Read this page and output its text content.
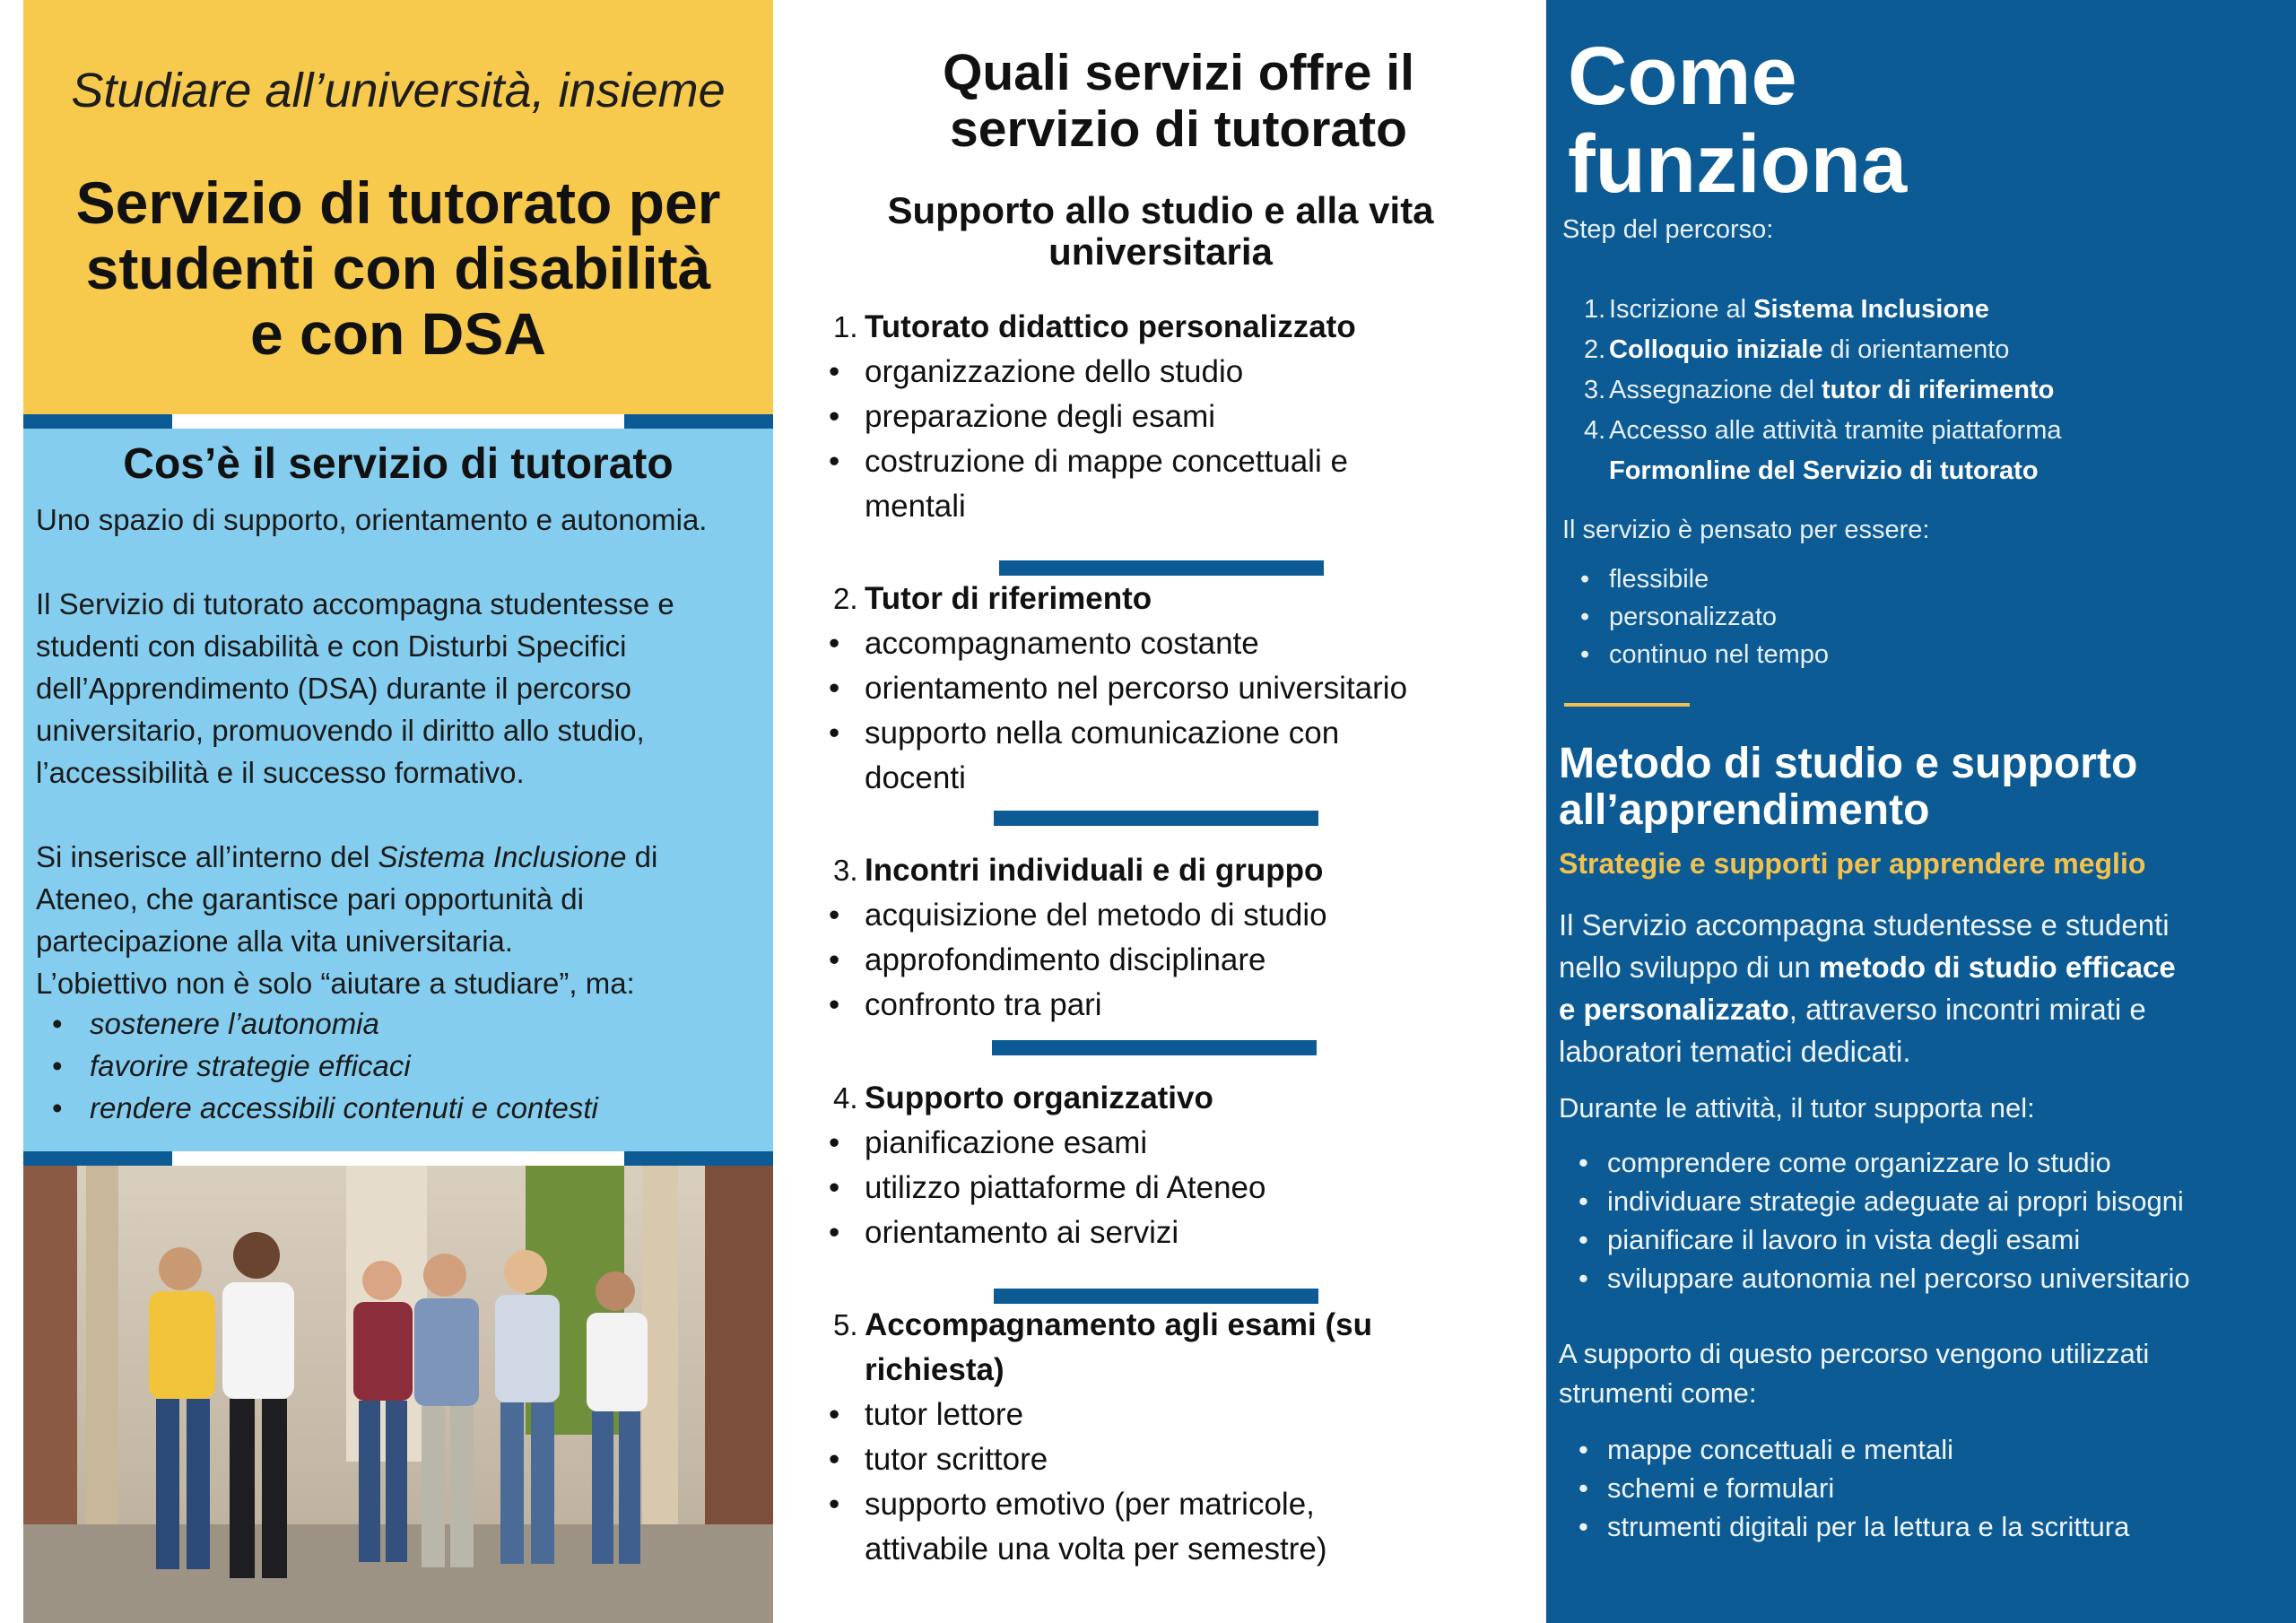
Studiare all’università, insieme
Servizio di tutorato per
studenti con disabilità
e con DSA
Cos’è il servizio di tutorato
Uno spazio di supporto, orientamento e autonomia.
Il Servizio di tutorato accompagna studentesse e
studenti con disabilità e con Disturbi Specifici
dell’Apprendimento (DSA) durante il percorso
universitario, promuovendo il diritto allo studio,
l’accessibilità e il successo formativo.
Si inserisce all’interno del Sistema Inclusione di
Ateneo, che garantisce pari opportunità di
partecipazione alla vita universitaria.
L’obiettivo non è solo “aiutare a studiare”, ma:
• sostenere l’autonomia
• favorire strategie efficaci
• rendere accessibili contenuti e contesti
Quali servizi offre il
servizio di tutorato
Supporto allo studio e alla vita
universitaria
1. Tutorato didattico personalizzato
• organizzazione dello studio
• preparazione degli esami
• costruzione di mappe concettuali e
mentali
2. Tutor di riferimento
• accompagnamento costante
• orientamento nel percorso universitario
• supporto nella comunicazione con
docenti
3. Incontri individuali e di gruppo
• acquisizione del metodo di studio
• approfondimento disciplinare
• confronto tra pari
4. Supporto organizzativo
• pianificazione esami
• utilizzo piattaforme di Ateneo
• orientamento ai servizi
5. Accompagnamento agli esami (su
richiesta)
• tutor lettore
• tutor scrittore
• supporto emotivo (per matricole,
attivabile una volta per semestre)
Come
funziona
Step del percorso:
1. Iscrizione al Sistema Inclusione
2. Colloquio iniziale di orientamento
3. Assegnazione del tutor di riferimento
4. Accesso alle attività tramite piattaforma
Formonline del Servizio di tutorato
Il servizio è pensato per essere:
• flessibile
• personalizzato
• continuo nel tempo
Metodo di studio e supporto
all’apprendimento
Strategie e supporti per apprendere meglio
Il Servizio accompagna studentesse e studenti
nello sviluppo di un metodo di studio efficace
e personalizzato, attraverso incontri mirati e
laboratori tematici dedicati.
Durante le attività, il tutor supporta nel:
• comprendere come organizzare lo studio
• individuare strategie adeguate ai propri bisogni
• pianificare il lavoro in vista degli esami
• sviluppare autonomia nel percorso universitario
A supporto di questo percorso vengono utilizzati
strumenti come:
• mappe concettuali e mentali
• schemi e formulari
• strumenti digitali per la lettura e la scrittura
